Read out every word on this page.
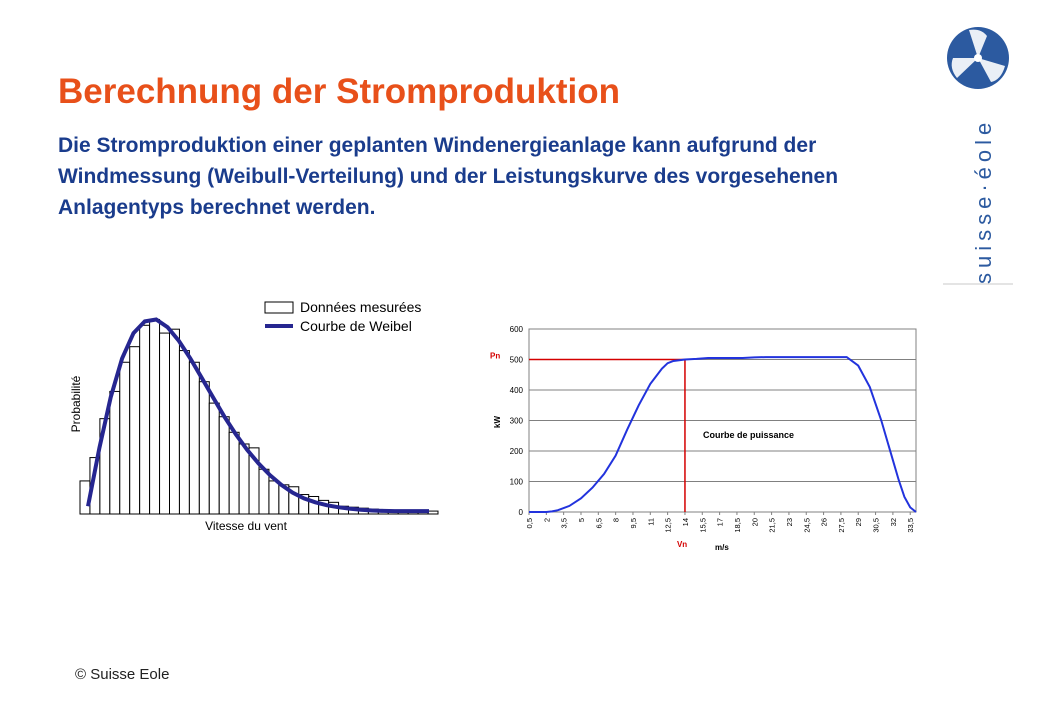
Berechnung der Stromproduktion

Die Stromproduktion einer geplanten Windenergieanlage kann aufgrund der Windmessung (Weibull-Verteilung) und der Leistungskurve des vorgesehenen Anlagentyps berechnet werden.	suisse·éole
Probabilité
Vitesse du vent
Données mesurées
Courbe de Weibel
0
100
200
300
400
500
600
0,5 2 3,5 5 6,5 8 9,5 11 12,5 14 15,5 17 18,5 20 21,5 23 24,5 26 27,5 29 30,5 32 33,5
Pn
Vn
kW
m/s
Courbe de puissance
© Suisse Eole
